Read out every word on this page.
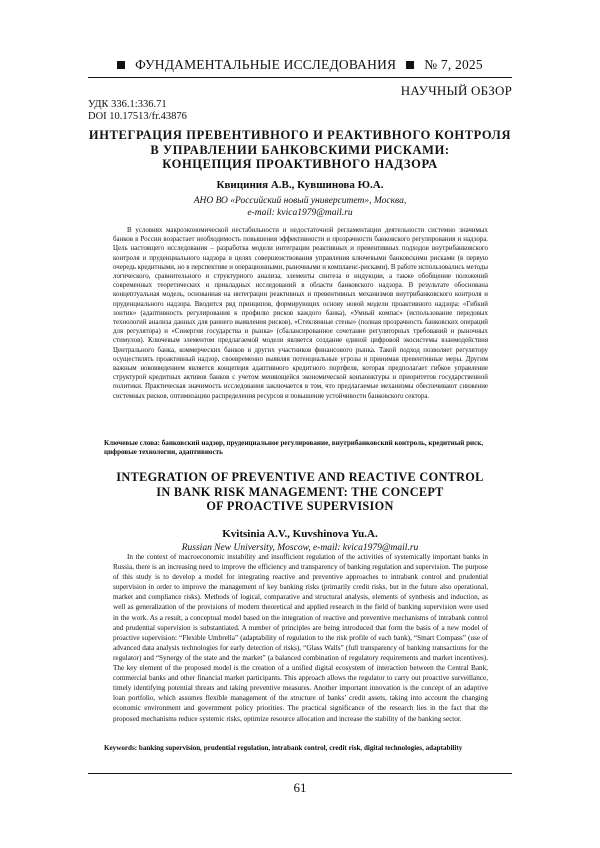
ФУНДАМЕНТАЛЬНЫЕ ИССЛЕДОВАНИЯ № 7, 2025
НАУЧНЫЙ ОБЗОР
УДК 336.1:336.71
DOI 10.17513/fr.43876
ИНТЕГРАЦИЯ ПРЕВЕНТИВНОГО И РЕАКТИВНОГО КОНТРОЛЯ
В УПРАВЛЕНИИ БАНКОВСКИМИ РИСКАМИ:
КОНЦЕПЦИЯ ПРОАКТИВНОГО НАДЗОРА
Квициния А.В., Кувшинова Ю.А.
АНО ВО «Российский новый университет», Москва,
e-mail: kvica1979@mail.ru

В условиях макроэкономической нестабильности и недостаточной регламентации деятельности системно значимых банков в России возрастает необходимость повышения эффективности и прозрачности банковского регулирования и надзора. Цель настоящего исследования – разработка модели интеграции реактивных и превентивных подходов внутрибанковского контроля и пруденциального надзора в целях совершенствования управления ключевыми банковскими рисками (в первую очередь кредитными, но в перспективе и операционными, рыночными и комплаенс-рисками). В работе использовались методы логического, сравнительного и структурного анализа, элементы синтеза и индукции, а также обобщение положений современных теоретических и прикладных исследований в области банковского надзора. В результате обоснована концептуальная модель, основанная на интеграции реактивных и превентивных механизмов внутрибанковского контроля и пруденциального надзора. Вводится ряд принципов, формирующих основу новой модели проактивного надзора: «Гибкий зонтик» (адаптивность регулирования к профилю рисков каждого банка), «Умный компас» (использование передовых технологий анализа данных для раннего выявления рисков), «Стеклянные стены» (полная прозрачность банковских операций для регулятора) и «Синергия государства и рынка» (сбалансированное сочетание регуляторных требований и рыночных стимулов). Ключевым элементом предлагаемой модели является создание единой цифровой экосистемы взаимодействия Центрального банка, коммерческих банков и других участников финансового рынка. Такой подход позволяет регулятору осуществлять проактивный надзор, своевременно выявляя потенциальные угрозы и принимая превентивные меры. Другим важным нововведением является концепция адаптивного кредитного портфеля, которая предполагает гибкое управление структурой кредитных активов банков с учетом меняющейся экономической конъюнктуры и приоритетов государственной политики. Практическая значимость исследования заключается в том, что предлагаемые механизмы обеспечивают снижение системных рисков, оптимизацию распределения ресурсов и повышение устойчивости банковского сектора.

Ключевые слова: банковский надзор, пруденциальное регулирование, внутрибанковский контроль, кредитный риск, цифровые технологии, адаптивность
INTEGRATION OF PREVENTIVE AND REACTIVE CONTROL
IN BANK RISK MANAGEMENT: THE CONCEPT
OF PROACTIVE SUPERVISION
Kvitsinia A.V., Kuvshinova Yu.A.
Russian New University, Moscow, e-mail: kvica1979@mail.ru

In the context of macroeconomic instability and insufficient regulation of the activities of systemically important banks in Russia, there is an increasing need to improve the efficiency and transparency of banking regulation and supervision. The purpose of this study is to develop a model for integrating reactive and preventive approaches to intrabank control and prudential supervision in order to improve the management of key banking risks (primarily credit risks, but in the future also operational, market and compliance risks). Methods of logical, comparative and structural analysis, elements of synthesis and induction, as well as generalization of the provisions of modern theoretical and applied research in the field of banking supervision were used in the work. As a result, a conceptual model based on the integration of reactive and preventive mechanisms of intrabank control and prudential supervision is substantiated. A number of principles are being introduced that form the basis of a new model of proactive supervision: “Flexible Umbrella” (adaptability of regulation to the risk profile of each bank), “Smart Compass” (use of advanced data analysis technologies for early detection of risks), “Glass Walls” (full transparency of banking transactions for the regulator) and “Synergy of the state and the market” (a balanced combination of regulatory requirements and market incentives). The key element of the proposed model is the creation of a unified digital ecosystem of interaction between the Central Bank, commercial banks and other financial market participants. This approach allows the regulator to carry out proactive surveillance, timely identifying potential threats and taking preventive measures. Another important innovation is the concept of an adaptive loan portfolio, which assumes flexible management of the structure of banks’ credit assets, taking into account the changing economic environment and government policy priorities. The practical significance of the research lies in the fact that the proposed mechanisms reduce systemic risks, optimize resource allocation and increase the stability of the banking sector.

Keywords: banking supervision, prudential regulation, intrabank control, credit risk, digital technologies, adaptability
61
